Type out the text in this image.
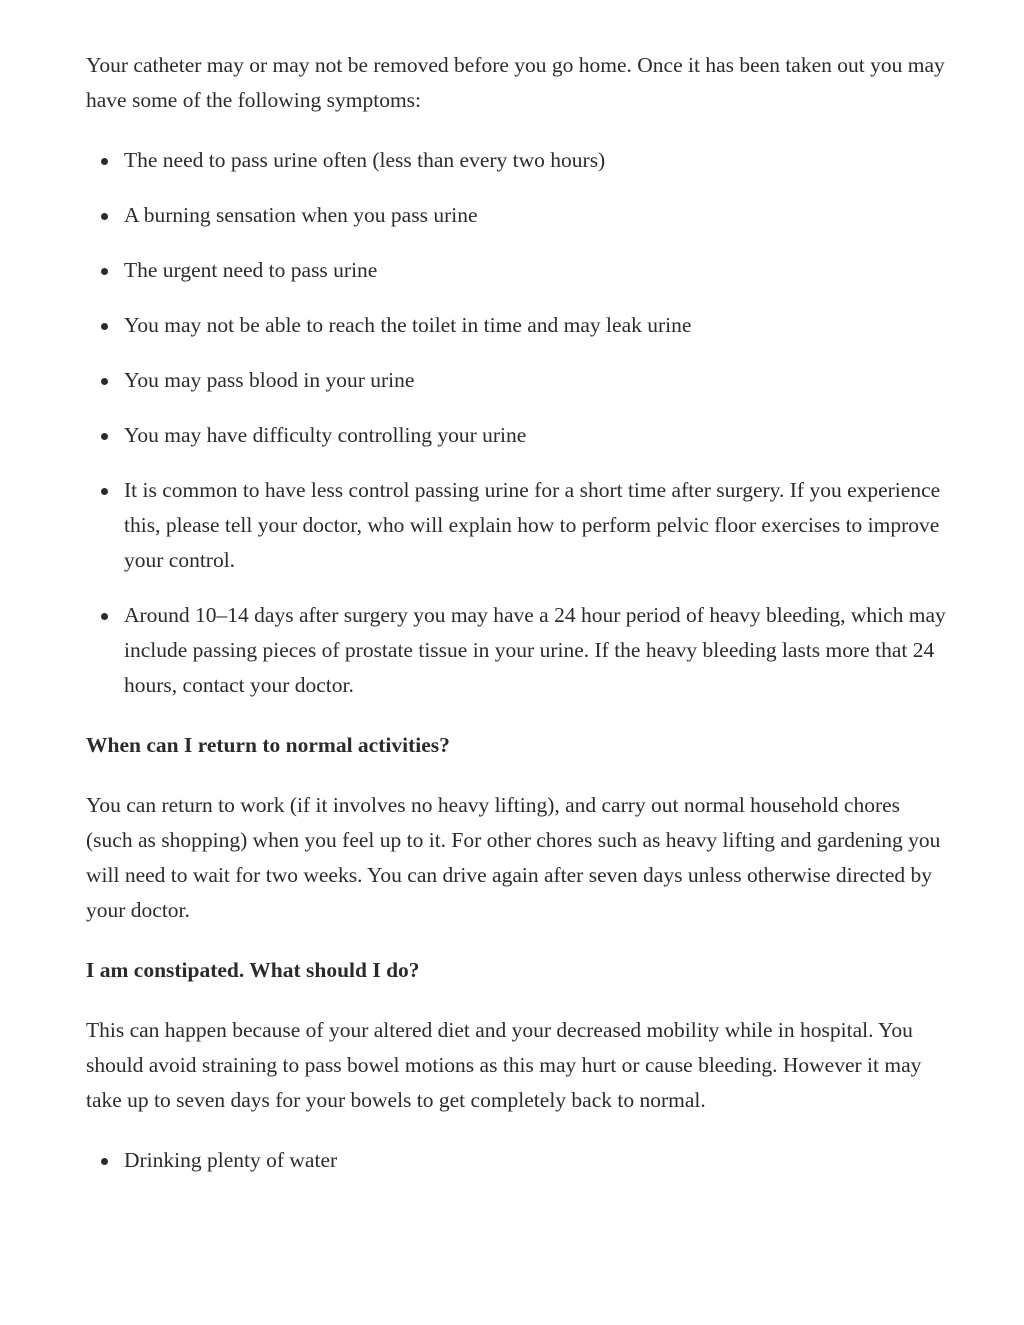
Your catheter may or may not be removed before you go home. Once it has been taken out you may have some of the following symptoms:

The need to pass urine often (less than every two hours)
A burning sensation when you pass urine
The urgent need to pass urine
You may not be able to reach the toilet in time and may leak urine
You may pass blood in your urine
You may have difficulty controlling your urine
It is common to have less control passing urine for a short time after surgery. If you experience this, please tell your doctor, who will explain how to perform pelvic floor exercises to improve your control.
Around 10–14 days after surgery you may have a 24 hour period of heavy bleeding, which may include passing pieces of prostate tissue in your urine. If the heavy bleeding lasts more that 24 hours, contact your doctor.
When can I return to normal activities?

You can return to work (if it involves no heavy lifting), and carry out normal household chores (such as shopping) when you feel up to it. For other chores such as heavy lifting and gardening you will need to wait for two weeks. You can drive again after seven days unless otherwise directed by your doctor.

I am constipated. What should I do?

This can happen because of your altered diet and your decreased mobility while in hospital. You should avoid straining to pass bowel motions as this may hurt or cause bleeding. However it may take up to seven days for your bowels to get completely back to normal.

Drinking plenty of water
